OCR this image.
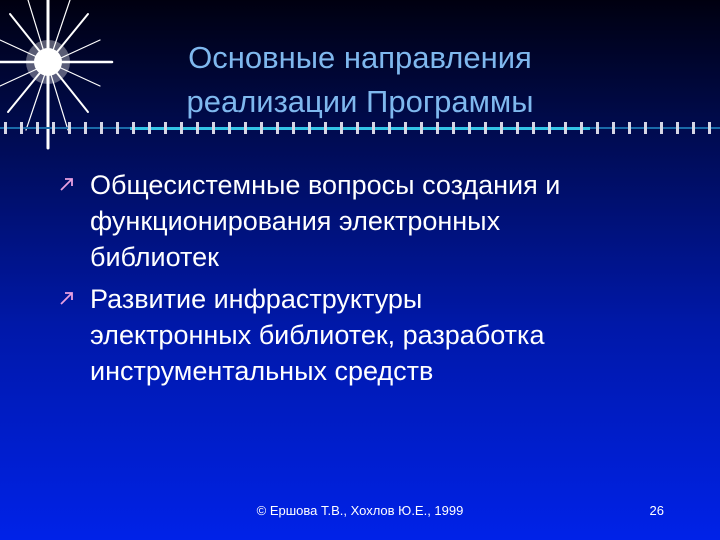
Основные направления
реализации Программы
Общесистемные вопросы создания и
функционирования электронных
библиотек
Развитие инфраструктуры
электронных библиотек, разработка
инструментальных средств
© Ершова Т.В., Хохлов Ю.Е., 1999	26
